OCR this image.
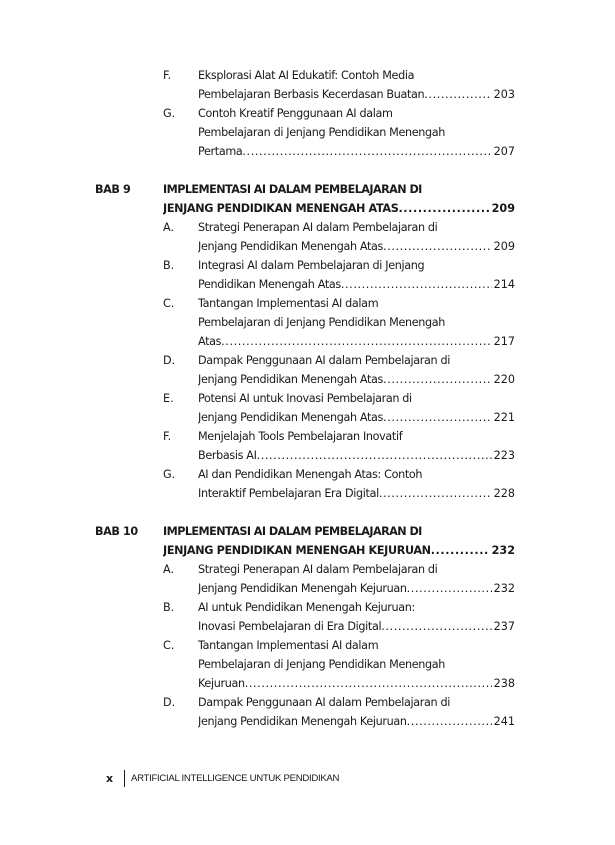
F. Eksplorasi Alat AI Edukatif: Contoh Media
Pembelajaran Berbasis Kecerdasan Buatan .....	203
G. Contoh Kreatif Penggunaan AI dalam
Pembelajaran di Jenjang Pendidikan Menengah
Pertama .....	207
BAB 9	IMPLEMENTASI AI DALAM PEMBELAJARAN DI
JENJANG PENDIDIKAN MENENGAH ATAS .....	209
A. Strategi Penerapan AI dalam Pembelajaran di
Jenjang Pendidikan Menengah Atas .....	209
B. Integrasi AI dalam Pembelajaran di Jenjang
Pendidikan Menengah Atas .....	214
C. Tantangan Implementasi AI dalam
Pembelajaran di Jenjang Pendidikan Menengah
Atas .....	217
D. Dampak Penggunaan AI dalam Pembelajaran di
Jenjang Pendidikan Menengah Atas .....	220
E. Potensi AI untuk Inovasi Pembelajaran di
Jenjang Pendidikan Menengah Atas .....	221
F. Menjelajah Tools Pembelajaran Inovatif
Berbasis AI .....	223
G. AI dan Pendidikan Menengah Atas: Contoh
Interaktif Pembelajaran Era Digital .....	228
BAB 10 IMPLEMENTASI AI DALAM PEMBELAJARAN DI
JENJANG PENDIDIKAN MENENGAH KEJURUAN .....	232
A. Strategi Penerapan AI dalam Pembelajaran di
Jenjang Pendidikan Menengah Kejuruan .....	232
B. AI untuk Pendidikan Menengah Kejuruan:
Inovasi Pembelajaran di Era Digital .....	237
C. Tantangan Implementasi AI dalam
Pembelajaran di Jenjang Pendidikan Menengah
Kejuruan .....	238
D. Dampak Penggunaan AI dalam Pembelajaran di
Jenjang Pendidikan Menengah Kejuruan .....	241
x ARTIFICIAL INTELLIGENCE UNTUK PENDIDIKAN
